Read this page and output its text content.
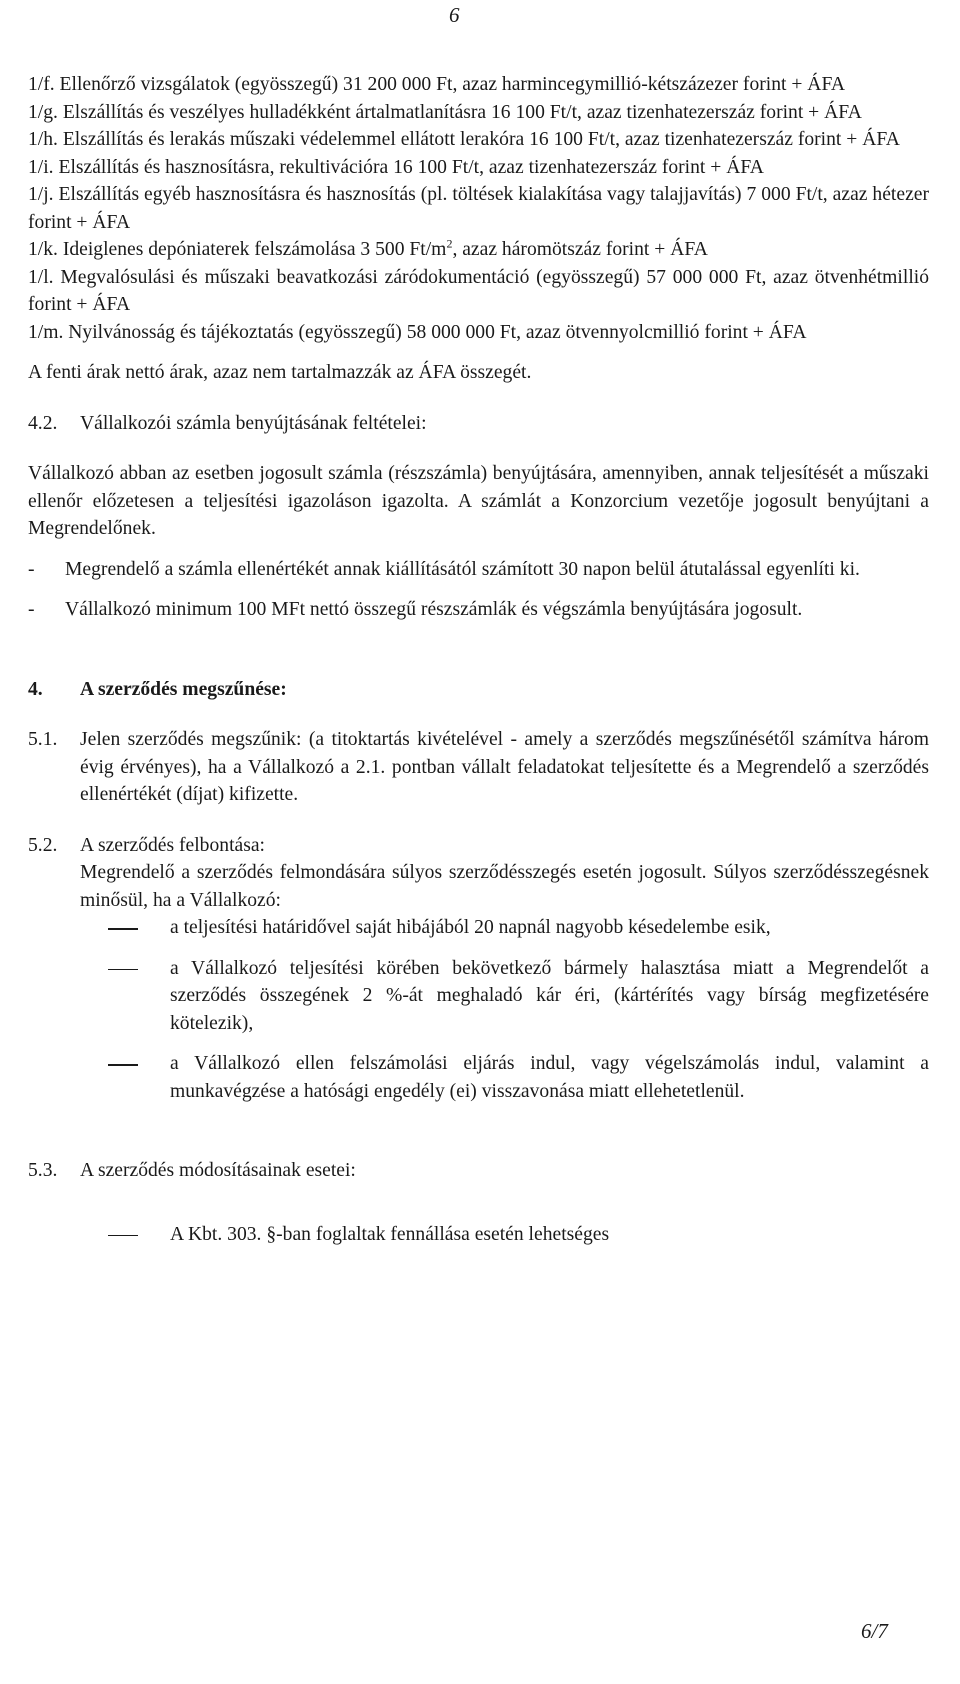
6

1/f. Ellenőrző vizsgálatok (egyösszegű) 31 200 000 Ft, azaz harmincegymillió-kétszázezer forint + ÁFA

1/g. Elszállítás és veszélyes hulladékként ártalmatlanításra 16 100 Ft/t, azaz tizenhatezerszáz forint + ÁFA

1/h. Elszállítás és lerakás műszaki védelemmel ellátott lerakóra 16 100 Ft/t, azaz tizenhatezerszáz forint + ÁFA

1/i. Elszállítás és hasznosításra, rekultivációra 16 100 Ft/t, azaz tizenhatezerszáz forint + ÁFA

1/j. Elszállítás egyéb hasznosításra és hasznosítás (pl. töltések kialakítása vagy talajjavítás) 7 000 Ft/t, azaz hétezer forint + ÁFA

1/k. Ideiglenes depóniaterek felszámolása 3 500 $Ft/m^2$, azaz háromötszáz forint + ÁFA

1/l. Megvalósulási és műszaki beavatkozási záródokumentáció (egyösszegű) 57 000 000 Ft, azaz ötvenhétmillió forint + ÁFA

1/m. Nyilvánosság és tájékoztatás (egyösszegű) 58 000 000 Ft, azaz ötvennyolcmillió forint + ÁFA

A fenti árak nettó árak, azaz nem tartalmazzák az ÁFA összegét.

4.2.	Vállalkozói számla benyújtásának feltételei:

Vállalkozó abban az esetben jogosult számla (részszámla) benyújtására, amennyiben, annak teljesítését a műszaki ellenőr előzetesen a teljesítési igazoláson igazolta. A számlát a Konzorcium vezetője jogosult benyújtani a Megrendelőnek.

-	Megrendelő a számla ellenértékét annak kiállításától számított 30 napon belül átutalással egyenlíti ki.
-	Vállalkozó minimum 100 MFt nettó összegű részszámlák és végszámla benyújtására jogosult.
4.	A szerződés megszűnése:
5.1.	Jelen szerződés megszűnik: (a titoktartás kivételével - amely a szerződés megszűnésétől számítva három évig érvényes), ha a Vállalkozó a 2.1. pontban vállalt feladatokat teljesítette és a Megrendelő a szerződés ellenértékét (díjat) kifizette.
5.2.	A szerződés felbontása:

Megrendelő a szerződés felmondására súlyos szerződésszegés esetén jogosult. Súlyos szerződésszegésnek minősül, ha a Vállalkozó:

a teljesítési határidővel saját hibájából 20 napnál nagyobb késedelembe esik,
a Vállalkozó teljesítési körében bekövetkező bármely halasztása miatt a Megrendelőt a szerződés összegének 2 %-át meghaladó kár éri, (kártérítés vagy bírság megfizetésére kötelezik),
a Vállalkozó ellen felszámolási eljárás indul, vagy végelszámolás indul, valamint a munkavégzése a hatósági engedély (ei) visszavonása miatt ellehetetlenül.
5.3.	A szerződés módosításainak esetei:
A Kbt. 303. §-ban foglaltak fennállása esetén lehetséges
6/7
